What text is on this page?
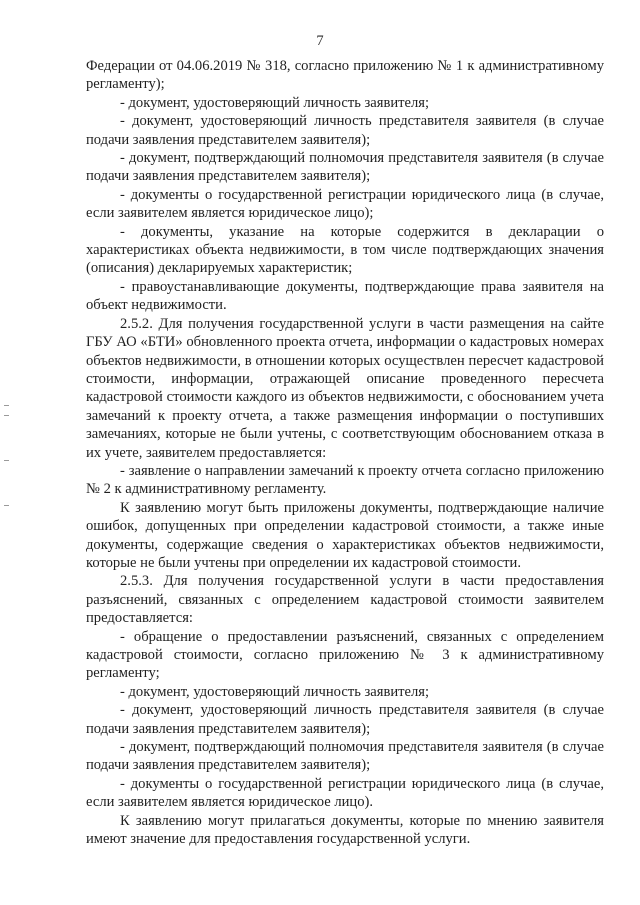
7

Федерации от 04.06.2019 № 318, согласно приложению № 1 к административному регламенту);

- документ, удостоверяющий личность заявителя;

- документ, удостоверяющий личность представителя заявителя (в случае подачи заявления представителем заявителя);

- документ, подтверждающий полномочия представителя заявителя (в случае подачи заявления представителем заявителя);

- документы о государственной регистрации юридического лица (в случае, если заявителем является юридическое лицо);

- документы, указание на которые содержится в декларации о характеристиках объекта недвижимости, в том числе подтверждающих значения (описания) декларируемых характеристик;

- правоустанавливающие документы, подтверждающие права заявителя на объект недвижимости.

2.5.2. Для получения государственной услуги в части размещения на сайте ГБУ АО «БТИ» обновленного проекта отчета, информации о кадастровых номерах объектов недвижимости, в отношении которых осуществлен пересчет кадастровой стоимости, информации, отражающей описание проведенного пересчета кадастровой стоимости каждого из объектов недвижимости, с обоснованием учета замечаний к проекту отчета, а также размещения информации о поступивших замечаниях, которые не были учтены, с соответствующим обоснованием отказа в их учете, заявителем предоставляется:

- заявление о направлении замечаний к проекту отчета согласно приложению № 2 к административному регламенту.

К заявлению могут быть приложены документы, подтверждающие наличие ошибок, допущенных при определении кадастровой стоимости, а также иные документы, содержащие сведения о характеристиках объектов недвижимости, которые не были учтены при определении их кадастровой стоимости.

2.5.3. Для получения государственной услуги в части предоставления разъяснений, связанных с определением кадастровой стоимости заявителем предоставляется:

- обращение о предоставлении разъяснений, связанных с определением кадастровой стоимости, согласно приложению № 3 к административному регламенту;

- документ, удостоверяющий личность заявителя;

- документ, удостоверяющий личность представителя заявителя (в случае подачи заявления представителем заявителя);

- документ, подтверждающий полномочия представителя заявителя (в случае подачи заявления представителем заявителя);

- документы о государственной регистрации юридического лица (в случае, если заявителем является юридическое лицо).

К заявлению могут прилагаться документы, которые по мнению заявителя имеют значение для предоставления государственной услуги.
